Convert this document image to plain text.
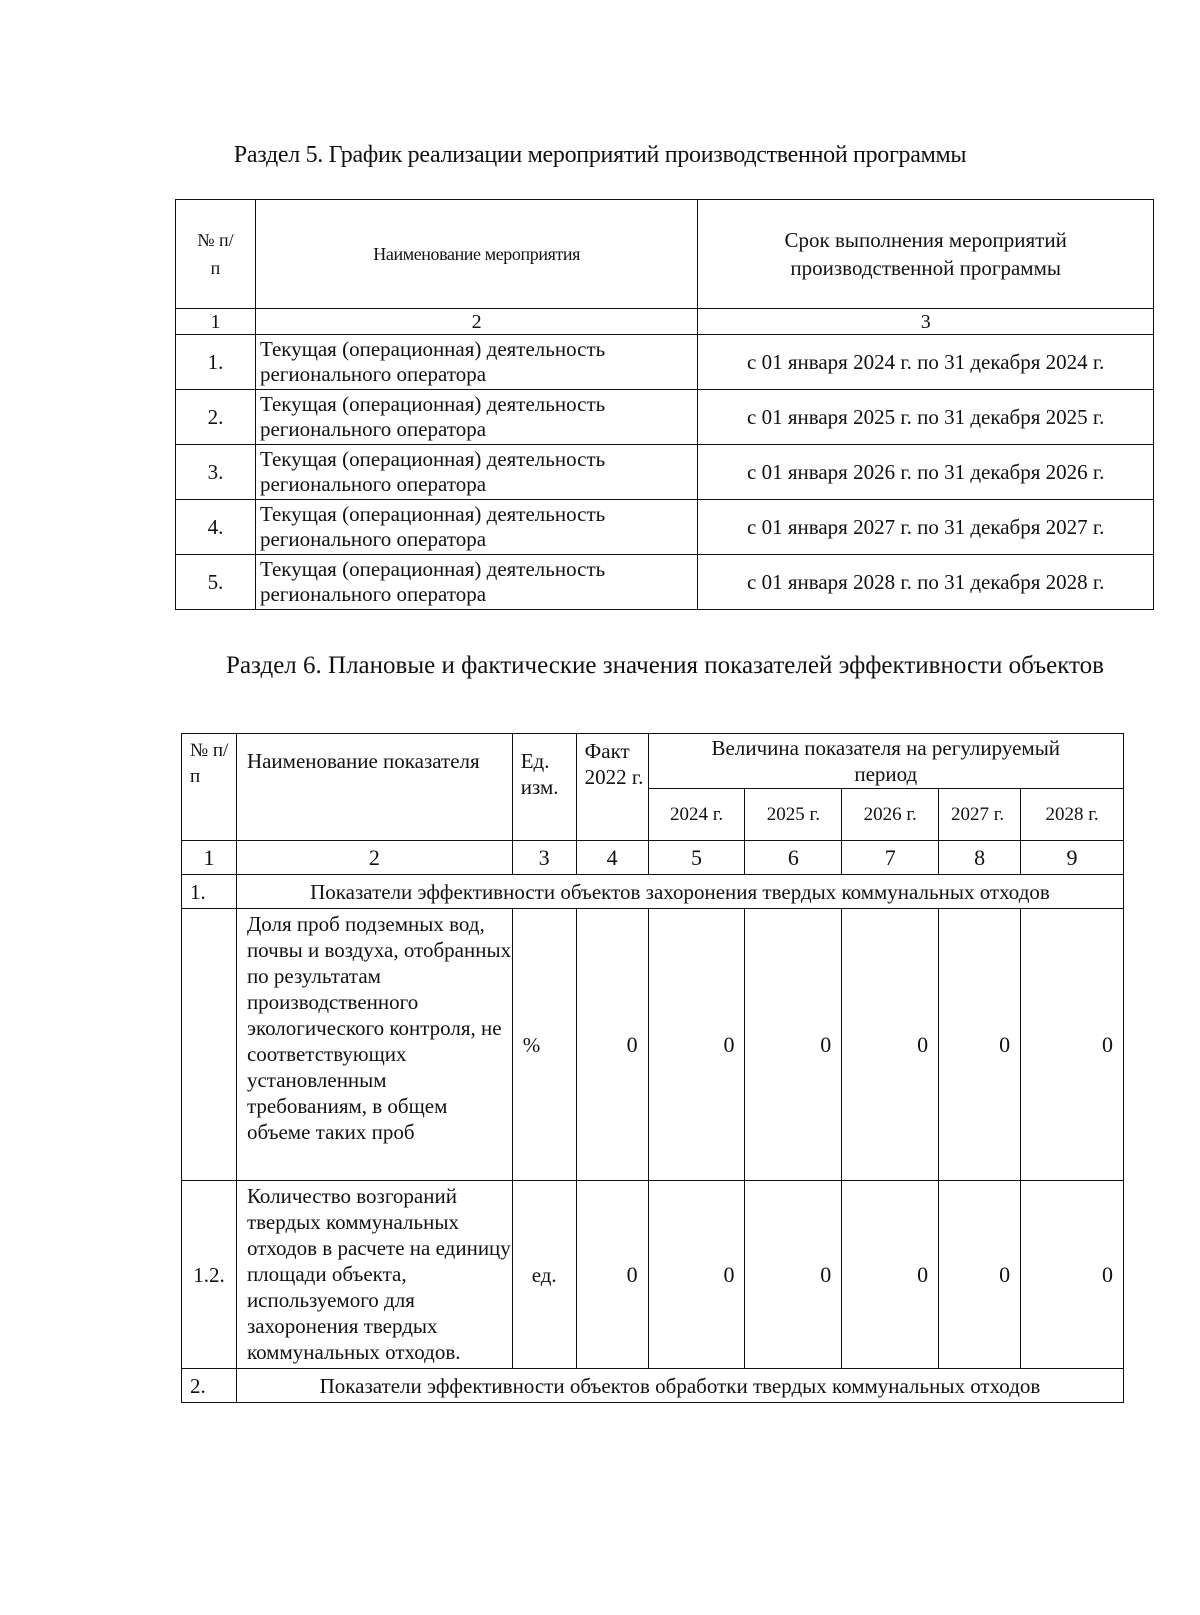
Раздел 5. График реализации мероприятий производственной программы
№ п/п	Наименование мероприятия	Срок выполнения мероприятий производственной программы
1	2	3
1.	Текущая (операционная) деятельность регионального оператора	с 01 января 2024 г. по 31 декабря 2024 г.
2.	Текущая (операционная) деятельность регионального оператора	с 01 января 2025 г. по 31 декабря 2025 г.
3.	Текущая (операционная) деятельность регионального оператора	с 01 января 2026 г. по 31 декабря 2026 г.
4.	Текущая (операционная) деятельность регионального оператора	с 01 января 2027 г. по 31 декабря 2027 г.
5.	Текущая (операционная) деятельность регионального оператора	с 01 января 2028 г. по 31 декабря 2028 г.
Раздел 6. Плановые и фактические значения показателей эффективности объектов
№ п/п	Наименование показателя	Ед. изм.	Факт 2022 г.	Величина показателя на регулируемый период				
				2024 г.	2025 г.	2026 г.	2027 г.	2028 г.
1	2	3	4	5	6	7	8	9
1.	Показатели эффективности объектов захоронения твердых коммунальных отходов							
	Доля проб подземных вод, почвы и воздуха, отобранных по результатам производственного экологического контроля, не соответствующих установленным требованиям, в общем объеме таких проб	%	0	0	0	0	0	0
1.2.	Количество возгораний твердых коммунальных отходов в расчете на единицу площади объекта, используемого для захоронения твердых коммунальных отходов.	ед.	0	0	0	0	0	0
2.	Показатели эффективности объектов обработки твердых коммунальных отходов							
